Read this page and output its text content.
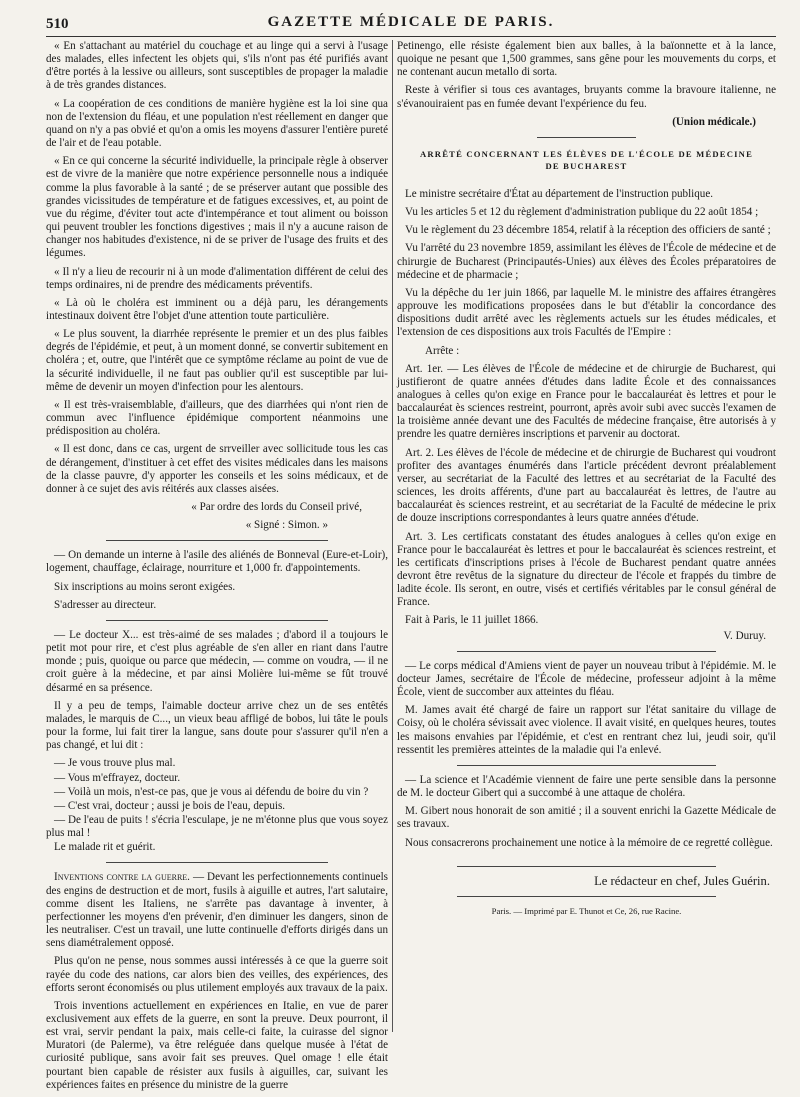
510	GAZETTE MÉDICALE DE PARIS.

« En s'attachant au matériel du couchage et au linge qui a servi à l'usage des malades, elles infectent les objets qui, s'ils n'ont pas été purifiés avant d'être portés à la lessive ou ailleurs, sont susceptibles de propager la maladie à de très grandes distances.

« La coopération de ces conditions de manière hygiène est la loi sine qua non de l'extension du fléau, et une population n'est réellement en danger que quand on n'y a pas obvié et qu'on a omis les moyens d'assurer l'entière pureté de l'air et de l'eau potable.

« En ce qui concerne la sécurité individuelle, la principale règle à observer est de vivre de la manière que notre expérience personnelle nous a indiquée comme la plus favorable à la santé ; de se préserver autant que possible des grandes vicissitudes de température et de fatigues excessives, et, au point de vue du régime, d'éviter tout acte d'intempérance et tout aliment ou boisson qui peuvent troubler les fonctions digestives ; mais il n'y a aucune raison de changer nos habitudes d'existence, ni de se priver de l'usage des fruits et des légumes.

« Il n'y a lieu de recourir ni à un mode d'alimentation différent de celui des temps ordinaires, ni de prendre des médicaments préventifs.

« Là où le choléra est imminent ou a déjà paru, les dérangements intestinaux doivent être l'objet d'une attention toute particulière.

« Le plus souvent, la diarrhée représente le premier et un des plus faibles degrés de l'épidémie, et peut, à un moment donné, se convertir subitement en choléra ; et, outre, que l'intérêt que ce symptôme réclame au point de vue de la sécurité individuelle, il ne faut pas oublier qu'il est susceptible par lui-même de devenir un moyen d'infection pour les alentours.

« Il est très-vraisemblable, d'ailleurs, que des diarrhées qui n'ont rien de commun avec l'influence épidémique comportent néanmoins une prédisposition au choléra.

« Il est donc, dans ce cas, urgent de srrveiller avec sollicitude tous les cas de dérangement, d'instituer à cet effet des visites médicales dans les maisons de la classe pauvre, d'y apporter les conseils et les soins médicaux, et de donner à ce sujet des avis réitérés aux classes aisées.

« Par ordre des lords du Conseil privé,

« Signé : Simon. »

— On demande un interne à l'asile des aliénés de Bonneval (Eure-et-Loir), logement, chauffage, éclairage, nourriture et 1,000 fr. d'appointements.

Six inscriptions au moins seront exigées.

S'adresser au directeur.

— Le docteur X... est très-aimé de ses malades ; d'abord il a toujours le petit mot pour rire, et c'est plus agréable de s'en aller en riant dans l'autre monde ; puis, quoique ou parce que médecin, — comme on voudra, — il ne croit guère à la médecine, et par ainsi Molière lui-même se fût trouvé désarmé en sa présence.

Il y a peu de temps, l'aimable docteur arrive chez un de ses entêtés malades, le marquis de C..., un vieux beau affligé de bobos, lui tâte le pouls pour la forme, lui fait tirer la langue, sans doute pour s'assurer qu'il n'en a pas changé, et lui dit :

— Je vous trouve plus mal.

— Vous m'effrayez, docteur.

— Voilà un mois, n'est-ce pas, que je vous ai défendu de boire du vin ?

— C'est vrai, docteur ; aussi je bois de l'eau, depuis.

— De l'eau de puits ! s'écria l'esculape, je ne m'étonne plus que vous soyez plus mal !

Le malade rit et guérit.

Inventions contre la guerre. — Devant les perfectionnements continuels des engins de destruction et de mort, fusils à aiguille et autres, l'art salutaire, comme disent les Italiens, ne s'arrête pas davantage à inventer, à perfectionner les moyens d'en prévenir, d'en diminuer les dangers, sinon de les neutraliser. C'est un travail, une lutte continuelle d'efforts dirigés dans un sens diamétralement opposé.

Plus qu'on ne pense, nous sommes aussi intéressés à ce que la guerre soit rayée du code des nations, car alors bien des veilles, des expériences, des efforts seront économisés ou plus utilement employés aux travaux de la paix.

Trois inventions actuellement en expériences en Italie, en vue de parer exclusivement aux effets de la guerre, en sont la preuve. Deux pourront, il est vrai, servir pendant la paix, mais celle-ci faite, la cuirasse del signor Muratori (de Palerme), va être reléguée dans quelque musée à l'état de curiosité publique, sans avoir fait ses preuves. Quel omage ! elle était pourtant bien capable de résister aux fusils à aiguilles, car, suivant les expériences faites en présence du ministre de la guerre

Petinengo, elle résiste également bien aux balles, à la baïonnette et à la lance, quoique ne pesant que 1,500 grammes, sans gêne pour les mouvements du corps, et ne contenant aucun metallo di sorta.

Reste à vérifier si tous ces avantages, bruyants comme la bravoure italienne, ne s'évanouiraient pas en fumée devant l'expérience du feu.

(Union médicale.)

ARRÊTÉ CONCERNANT LES ÉLÈVES DE L'ÉCOLE DE MÉDECINE
DE BUCHAREST

Le ministre secrétaire d'État au département de l'instruction publique.

Vu les articles 5 et 12 du règlement d'administration publique du 22 août 1854 ;

Vu le règlement du 23 décembre 1854, relatif à la réception des officiers de santé ;

Vu l'arrêté du 23 novembre 1859, assimilant les élèves de l'École de médecine et de chirurgie de Bucharest (Principautés-Unies) aux élèves des Écoles préparatoires de médecine et de pharmacie ;

Vu la dépêche du 1er juin 1866, par laquelle M. le ministre des affaires étrangères approuve les modifications proposées dans le but d'établir la concordance des dispositions dudit arrêté avec les règlements actuels sur les études médicales, et l'extension de ces dispositions aux trois Facultés de l'Empire :

Arrête :

Art. 1er. — Les élèves de l'École de médecine et de chirurgie de Bucharest, qui justifieront de quatre années d'études dans ladite École et des connaissances analogues à celles qu'on exige en France pour le baccalauréat ès lettres et pour le baccalauréat ès sciences restreint, pourront, après avoir subi avec succès l'examen de la troisième année devant une des Facultés de médecine française, être autorisés à y prendre les quatre dernières inscriptions et parvenir au doctorat.

Art. 2. Les élèves de l'école de médecine et de chirurgie de Bucharest qui voudront profiter des avantages énumérés dans l'article précédent devront préalablement verser, au secrétariat de la Faculté des lettres et au secrétariat de la Faculté des sciences, les droits afférents, d'une part au baccalauréat ès lettres, de l'autre au baccalauréat ès sciences restreint, et au secrétariat de la Faculté de médecine le prix de douze inscriptions correspondantes à leurs quatre années d'étude.

Art. 3. Les certificats constatant des études analogues à celles qu'on exige en France pour le baccalauréat ès lettres et pour le baccalauréat ès sciences restreint, et les certificats d'inscriptions prises à l'école de Bucharest pendant quatre années devront être revêtus de la signature du directeur de l'école et frappés du timbre de ladite école. Ils seront, en outre, visés et certifiés véritables par le consul général de France.

Fait à Paris, le 11 juillet 1866.

V. Duruy.

— Le corps médical d'Amiens vient de payer un nouveau tribut à l'épidémie. M. le docteur James, secrétaire de l'École de médecine, professeur adjoint à la même École, vient de succomber aux atteintes du fléau.

M. James avait été chargé de faire un rapport sur l'état sanitaire du village de Coisy, où le choléra sévissait avec violence. Il avait visité, en quelques heures, toutes les maisons envahies par l'épidémie, et c'est en rentrant chez lui, jeudi soir, qu'il ressentit les premières atteintes de la maladie qui l'a enlevé.

— La science et l'Académie viennent de faire une perte sensible dans la personne de M. le docteur Gibert qui a succombé à une attaque de choléra.

M. Gibert nous honorait de son amitié ; il a souvent enrichi la Gazette Médicale de ses travaux.

Nous consacrerons prochainement une notice à la mémoire de ce regretté collègue.

Le rédacteur en chef, Jules Guérin.
Paris. — Imprimé par E. Thunot et Ce, 26, rue Racine.
